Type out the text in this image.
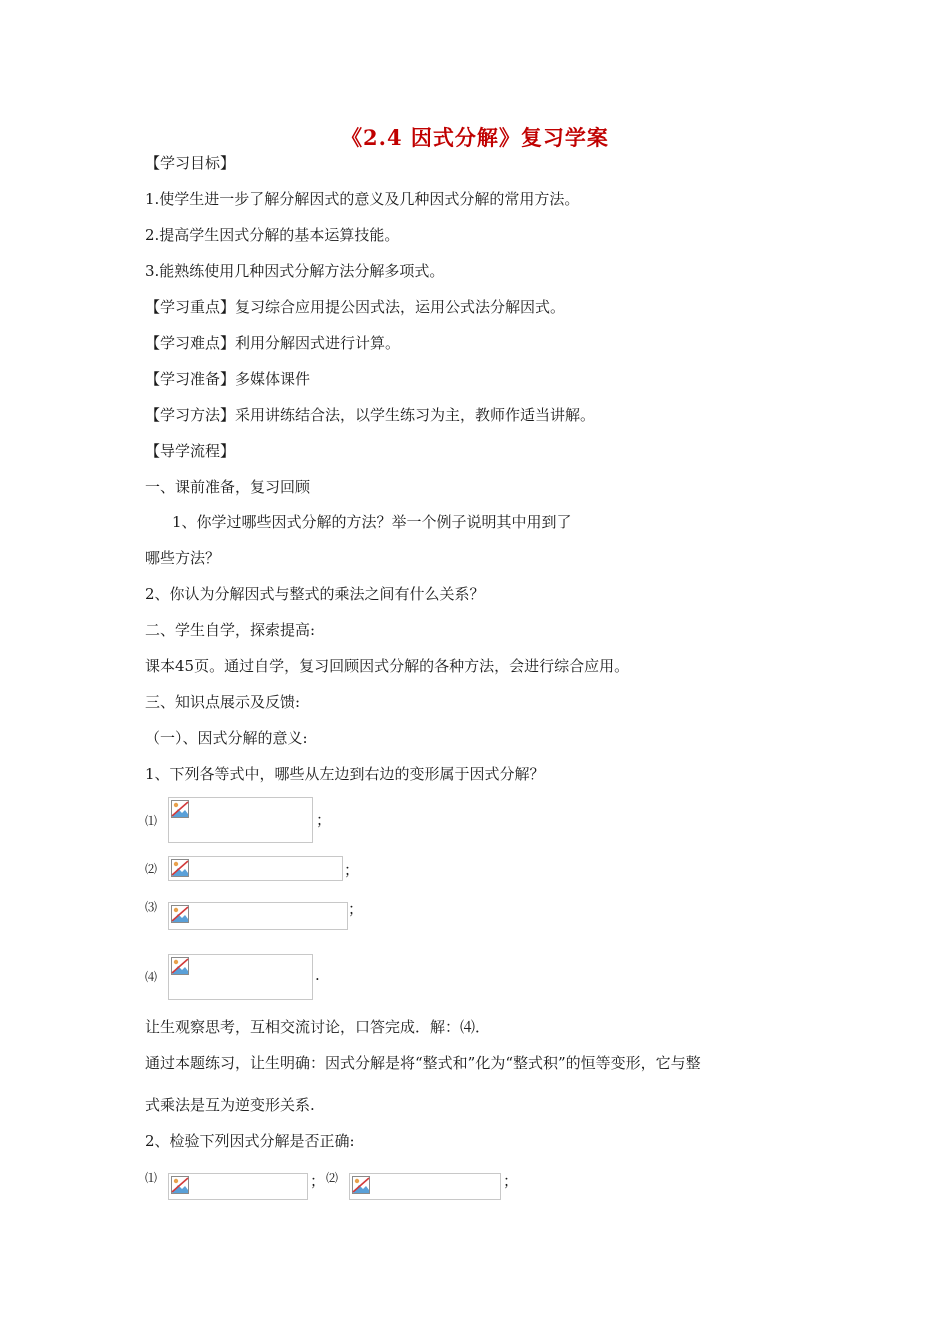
《2.4 因式分解》复习学案
【学习目标】
1.使学生进一步了解分解因式的意义及几种因式分解的常用方法。
2.提高学生因式分解的基本运算技能。
3.能熟练使用几种因式分解方法分解多项式。
【学习重点】复习综合应用提公因式法，运用公式法分解因式。
【学习难点】利用分解因式进行计算。
【学习准备】多媒体课件
【学习方法】采用讲练结合法，以学生练习为主，教师作适当讲解。
【导学流程】
一、课前准备，复习回顾
1、你学过哪些因式分解的方法？举一个例子说明其中用到了
哪些方法？
2、你认为分解因式与整式的乘法之间有什么关系？
二、学生自学，探索提高:
课本45页。通过自学，复习回顾因式分解的各种方法，会进行综合应用。
三、知识点展示及反馈:
（一）、因式分解的意义:
1、下列各等式中，哪些从左边到右边的变形属于因式分解？
⑴	；
⑵	；
⑶	；
⑷	.
让生观察思考，互相交流讨论，口答完成．解：⑷．
通过本题练习，让生明确：因式分解是将“整式和”化为“整式积”的恒等变形，它与整
式乘法是互为逆变形关系.
2、检验下列因式分解是否正确:
⑴	； ⑵	；
